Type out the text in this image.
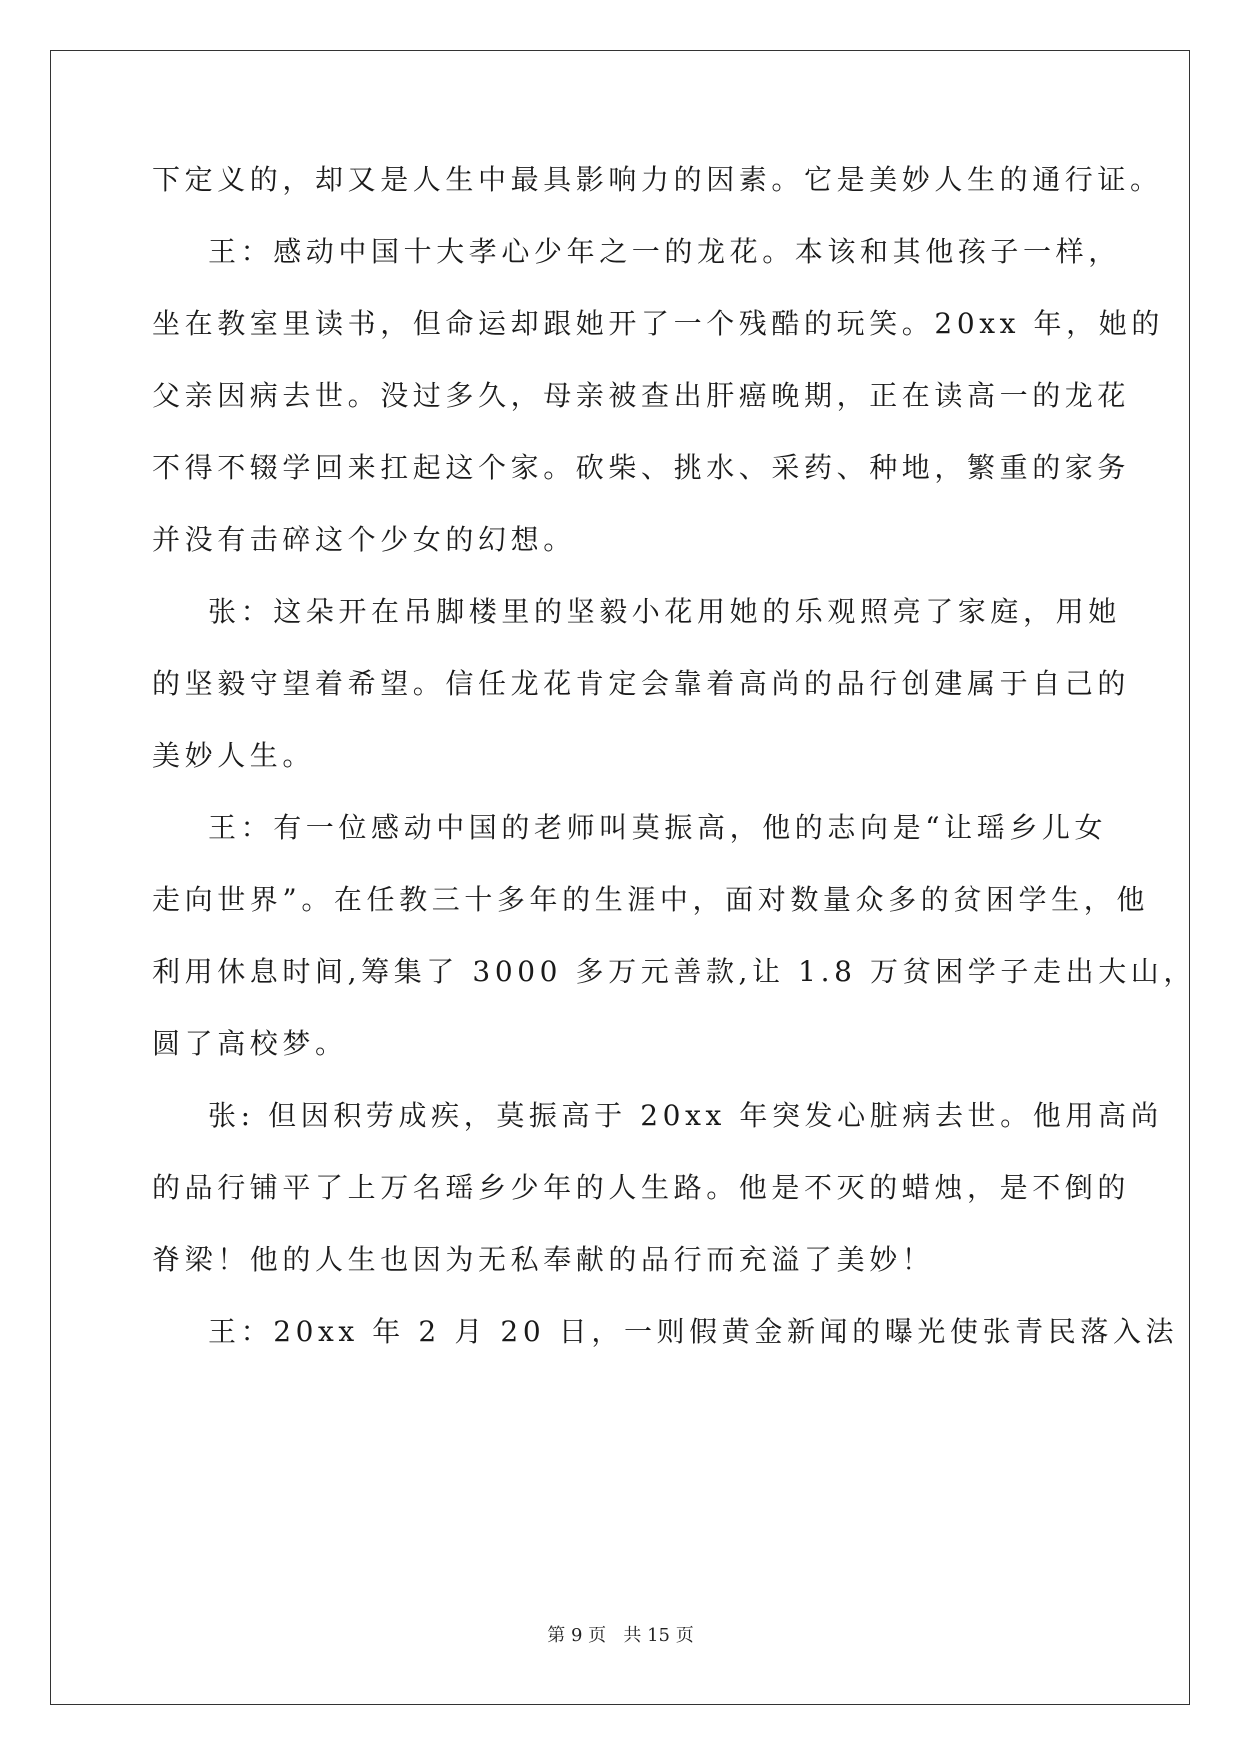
下定义的，却又是人生中最具影响力的因素。它是美妙人生的通行证。
王：感动中国十大孝心少年之一的龙花。本该和其他孩子一样，
坐在教室里读书，但命运却跟她开了一个残酷的玩笑。20xx 年，她的
父亲因病去世。没过多久，母亲被查出肝癌晚期，正在读高一的龙花
不得不辍学回来扛起这个家。砍柴、挑水、采药、种地，繁重的家务
并没有击碎这个少女的幻想。
张：这朵开在吊脚楼里的坚毅小花用她的乐观照亮了家庭，用她
的坚毅守望着希望。信任龙花肯定会靠着高尚的品行创建属于自己的
美妙人生。
王：有一位感动中国的老师叫莫振高，他的志向是“让瑶乡儿女
走向世界”。在任教三十多年的生涯中，面对数量众多的贫困学生，他
利用休息时间,筹集了 3000 多万元善款,让 1.8 万贫困学子走出大山，
圆了高校梦。
张: 但因积劳成疾，莫振高于 20xx 年突发心脏病去世。他用高尚
的品行铺平了上万名瑶乡少年的人生路。他是不灭的蜡烛，是不倒的
脊梁！他的人生也因为无私奉献的品行而充溢了美妙！
王：20xx 年 2 月 20 日，一则假黄金新闻的曝光使张青民落入法
第 9 页   共 15 页
